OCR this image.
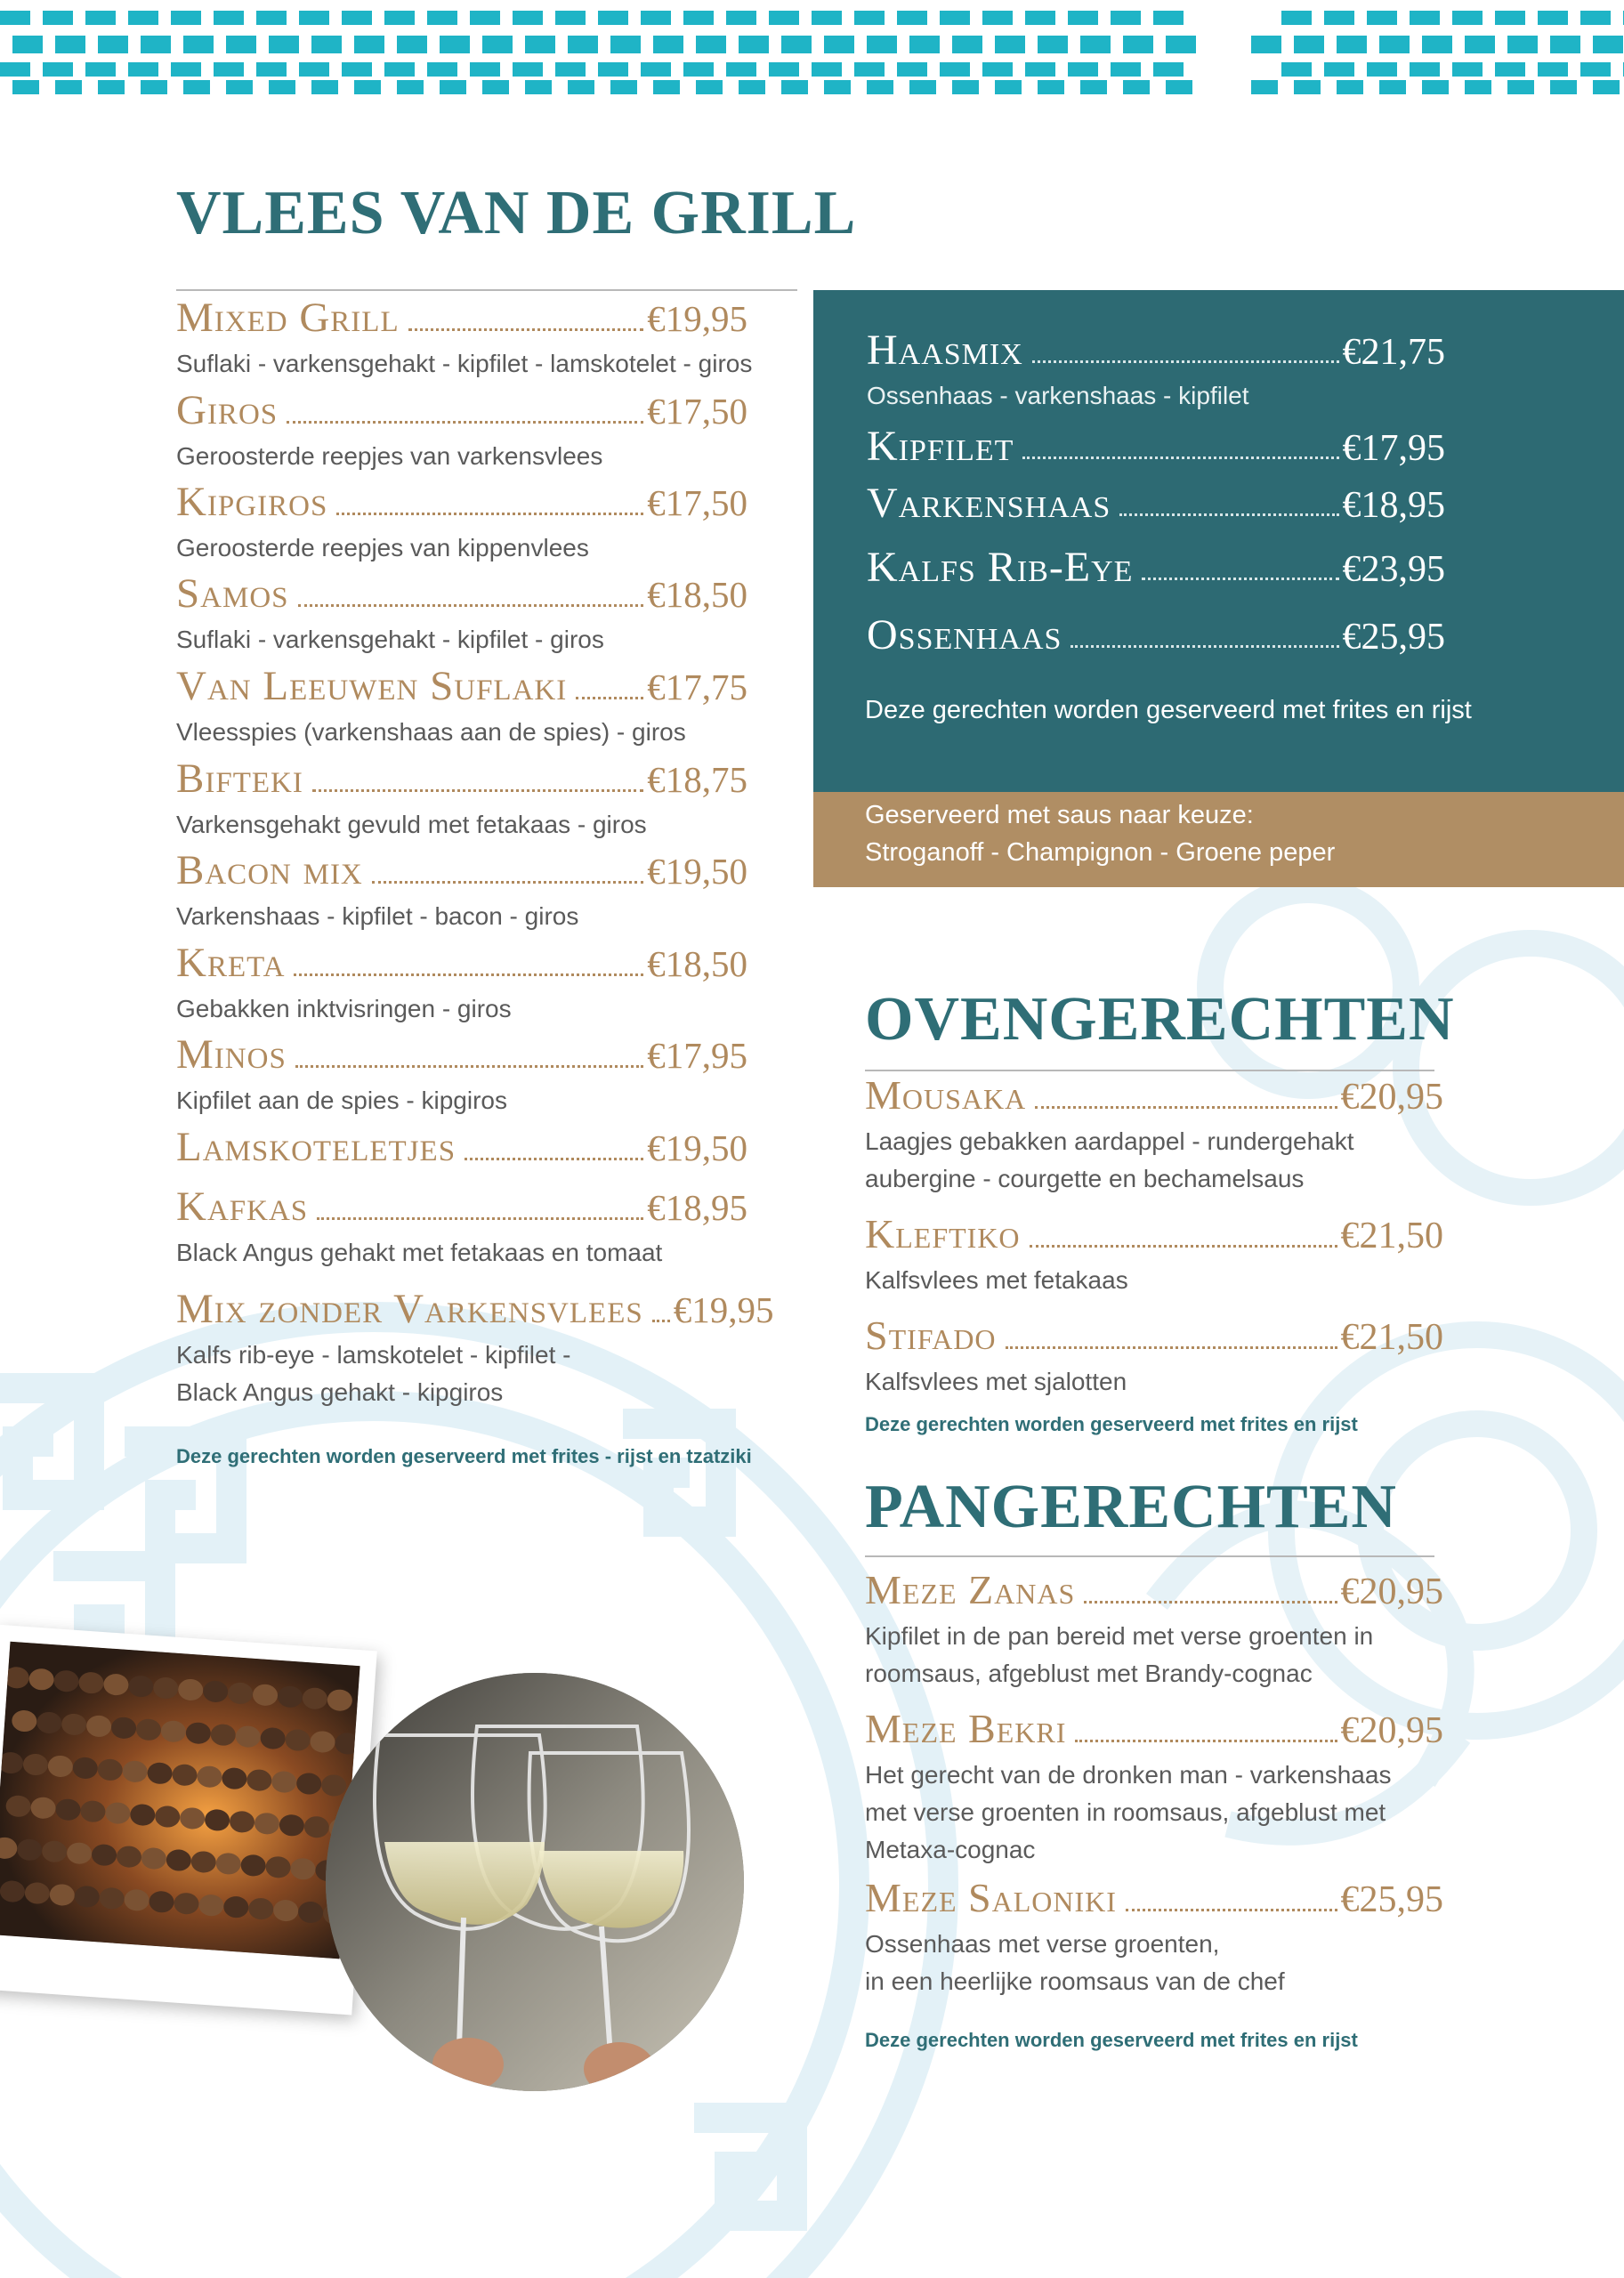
VLEES VAN DE GRILL
Mixed Grill	€19,95
Suflaki - varkensgehakt - kipfilet - lamskotelet - giros
Giros	€17,50
Geroosterde reepjes van varkensvlees
Kipgiros	€17,50
Geroosterde reepjes van kippenvlees
Samos	€18,50
Suflaki - varkensgehakt - kipfilet - giros
Van Leeuwen Suflaki €17,75
Vleesspies (varkenshaas aan de spies) - giros
Bifteki	€18,75
Varkensgehakt gevuld met fetakaas - giros
Bacon mix	€19,50
Varkenshaas - kipfilet - bacon - giros
Kreta	€18,50
Gebakken inktvisringen - giros
Minos	€17,95
Kipfilet aan de spies - kipgiros
Lamskoteletjes	€19,50
Kafkas	€18,95
Black Angus gehakt met fetakaas en tomaat
Mix zonder Varkensvlees €19,95
Kalfs rib-eye - lamskotelet - kipfilet -
Black Angus gehakt - kipgiros
Deze gerechten worden geserveerd met frites - rijst en tzatziki
Haasmix	€21,75
Ossenhaas - varkenshaas - kipfilet
Kipfilet	€17,95
Varkenshaas	€18,95
Kalfs Rib-Eye	€23,95
Ossenhaas	€25,95
Deze gerechten worden geserveerd met frites en rijst
Geserveerd met saus naar keuze:
Stroganoff - Champignon - Groene peper
OVENGERECHTEN
Mousaka	€20,95
Laagjes gebakken aardappel - rundergehakt
aubergine - courgette en bechamelsaus
Kleftiko	€21,50
Kalfsvlees met fetakaas
Stifado	€21,50
Kalfsvlees met sjalotten
Deze gerechten worden geserveerd met frites en rijst
PANGERECHTEN
Meze Zanas	€20,95
Kipfilet in de pan bereid met verse groenten in
roomsaus, afgeblust met Brandy-cognac
Meze Bekri	€20,95
Het gerecht van de dronken man - varkenshaas
met verse groenten in roomsaus, afgeblust met
Metaxa-cognac
Meze Saloniki	€25,95
Ossenhaas met verse groenten,
in een heerlijke roomsaus van de chef
Deze gerechten worden geserveerd met frites en rijst
